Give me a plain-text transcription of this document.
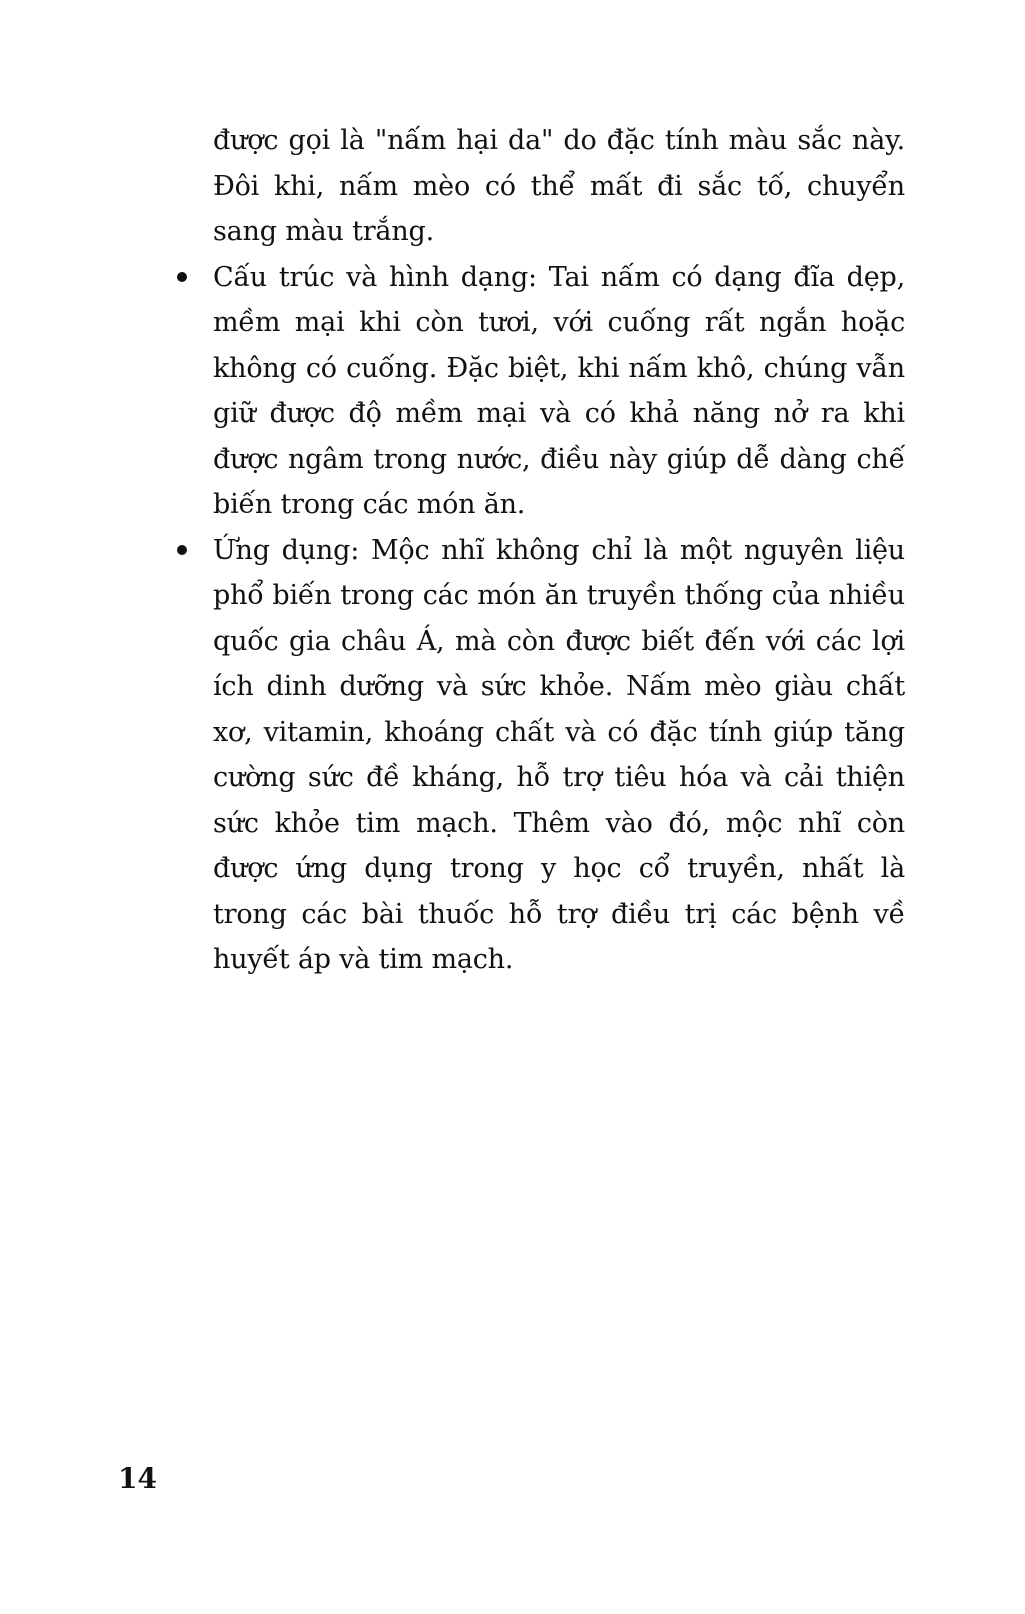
được gọi là "nấm hại da" do đặc tính màu sắc này. Đôi khi, nấm mèo có thể mất đi sắc tố, chuyển sang màu trắng.

Cấu trúc và hình dạng: Tai nấm có dạng đĩa dẹp, mềm mại khi còn tươi, với cuống rất ngắn hoặc không có cuống. Đặc biệt, khi nấm khô, chúng vẫn giữ được độ mềm mại và có khả năng nở ra khi được ngâm trong nước, điều này giúp dễ dàng chế biến trong các món ăn.

Ứng dụng: Mộc nhĩ không chỉ là một nguyên liệu phổ biến trong các món ăn truyền thống của nhiều quốc gia châu Á, mà còn được biết đến với các lợi ích dinh dưỡng và sức khỏe. Nấm mèo giàu chất xơ, vitamin, khoáng chất và có đặc tính giúp tăng cường sức đề kháng, hỗ trợ tiêu hóa và cải thiện sức khỏe tim mạch. Thêm vào đó, mộc nhĩ còn được ứng dụng trong y học cổ truyền, nhất là trong các bài thuốc hỗ trợ điều trị các bệnh về huyết áp và tim mạch.

14
